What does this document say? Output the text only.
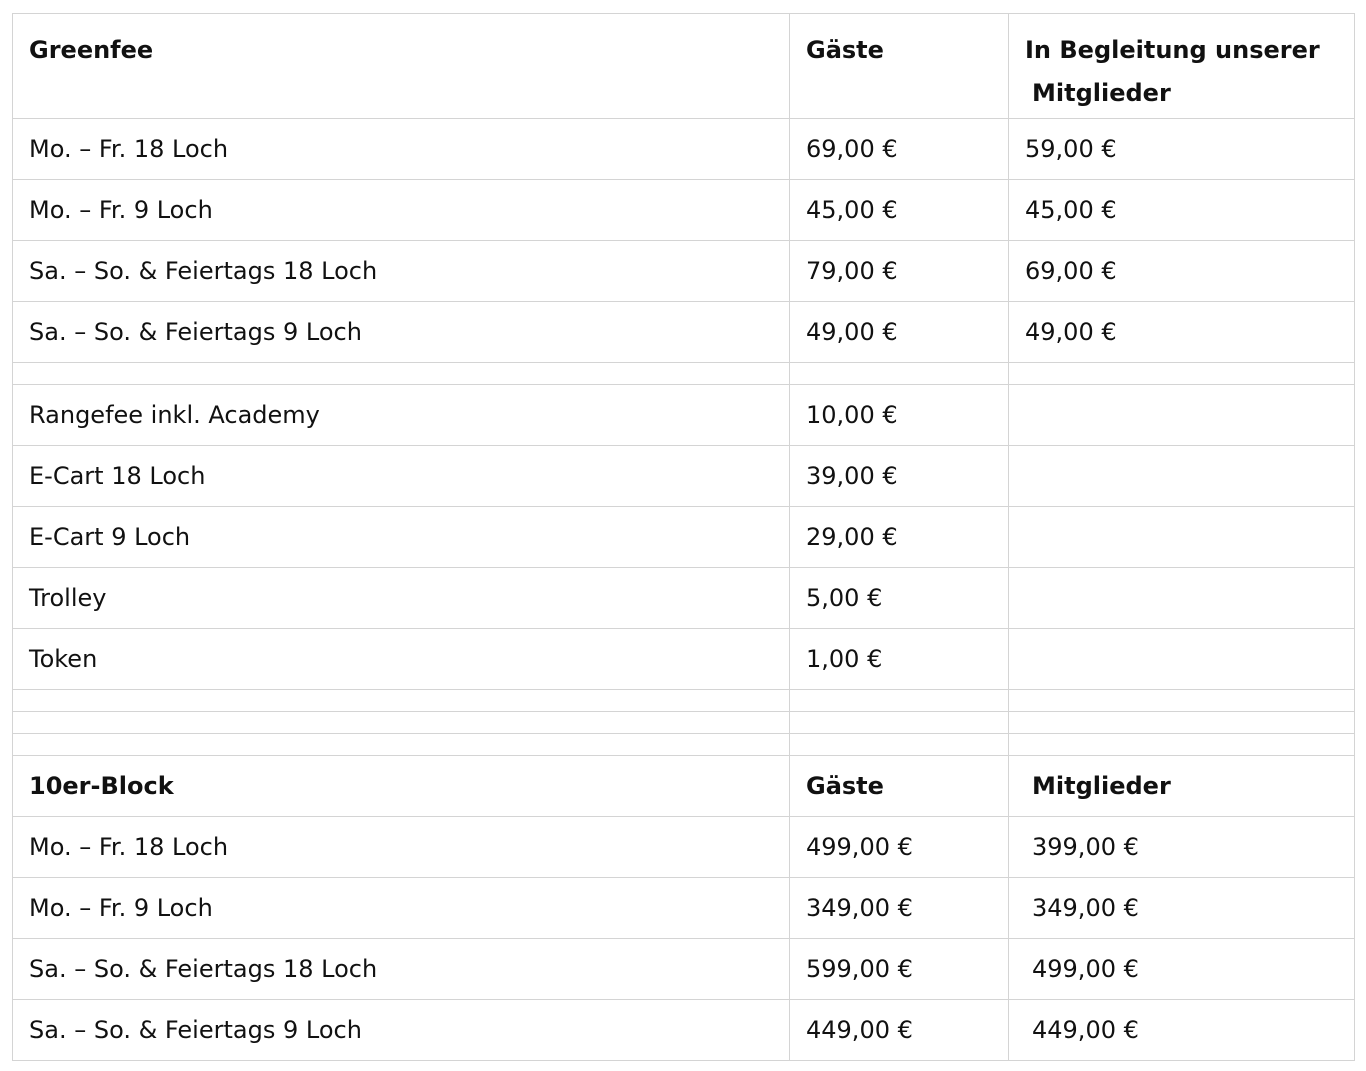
Greenfee	Gäste	In Begleitung unserer
Mitglieder

Mo. – Fr. 18 Loch	69,00 €	59,00 €
Mo. – Fr. 9 Loch	45,00 €	45,00 €
Sa. – So. & Feiertags 18 Loch	79,00 €	69,00 €
Sa. – So. & Feiertags 9 Loch	49,00 €	49,00 €

Rangefee inkl. Academy	10,00 €	
E-Cart 18 Loch	39,00 €	
E-Cart 9 Loch	29,00 €	
Trolley	5,00 €	
Token	1,00 €	

10er-Block	Gäste	Mitglieder
Mo. – Fr. 18 Loch	499,00 €	399,00 €
Mo. – Fr. 9 Loch	349,00 €	349,00 €
Sa. – So. & Feiertags 18 Loch	599,00 €	499,00 €
Sa. – So. & Feiertags 9 Loch	449,00 €	449,00 €
